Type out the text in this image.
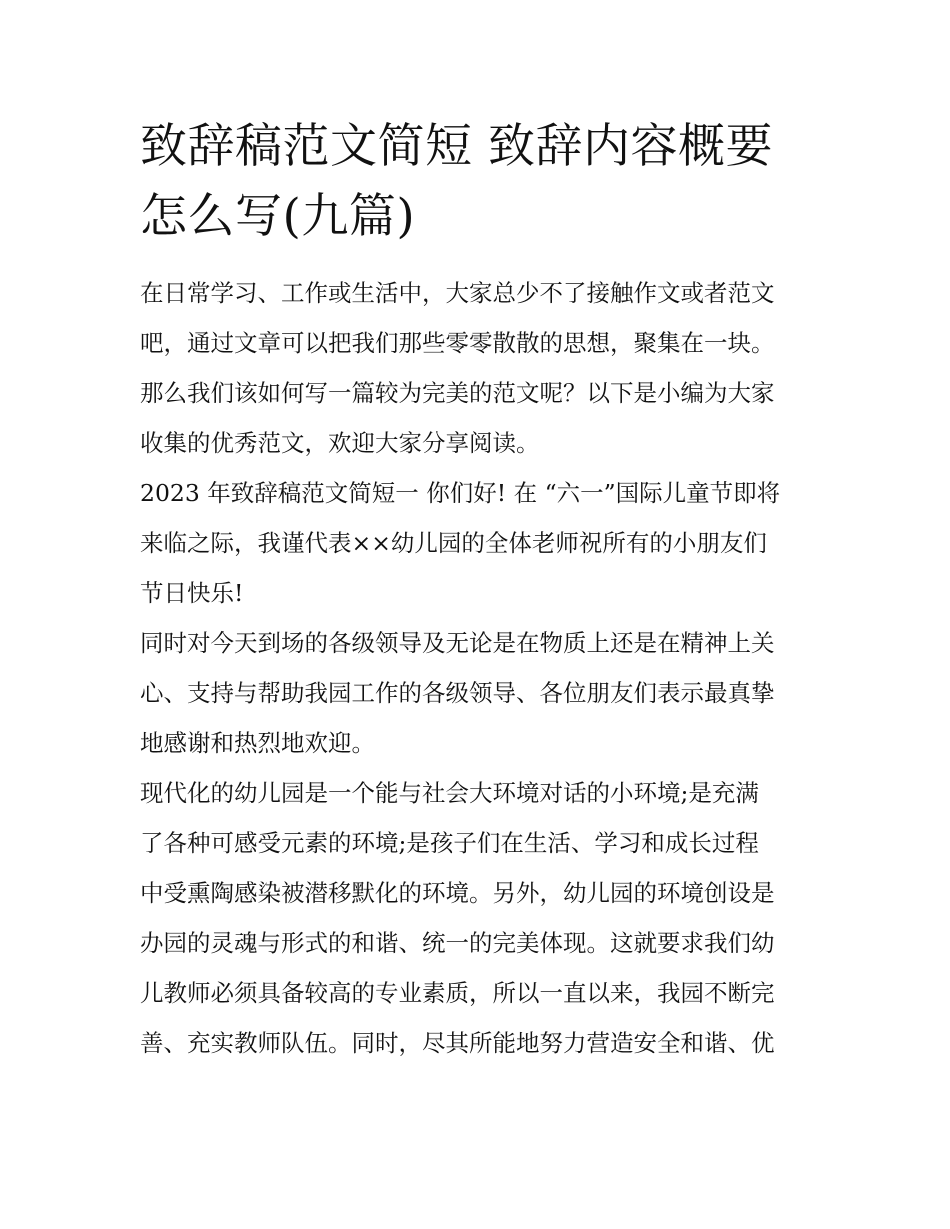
致辞稿范文简短 致辞内容概要
怎么写(九篇)

在日常学习、工作或生活中，大家总少不了接触作文或者范文
吧，通过文章可以把我们那些零零散散的思想，聚集在一块。
那么我们该如何写一篇较为完美的范文呢？以下是小编为大家
收集的优秀范文，欢迎大家分享阅读。

2023 年致辞稿范文简短一 你们好! 在 “六一”国际儿童节即将
来临之际，我谨代表××幼儿园的全体老师祝所有的小朋友们
节日快乐!

同时对今天到场的各级领导及无论是在物质上还是在精神上关
心、支持与帮助我园工作的各级领导、各位朋友们表示最真挚
地感谢和热烈地欢迎。

现代化的幼儿园是一个能与社会大环境对话的小环境;是充满
了各种可感受元素的环境;是孩子们在生活、学习和成长过程
中受熏陶感染被潜移默化的环境。另外，幼儿园的环境创设是
办园的灵魂与形式的和谐、统一的完美体现。这就要求我们幼
儿教师必须具备较高的专业素质，所以一直以来，我园不断完
善、充实教师队伍。同时，尽其所能地努力营造安全和谐、优
